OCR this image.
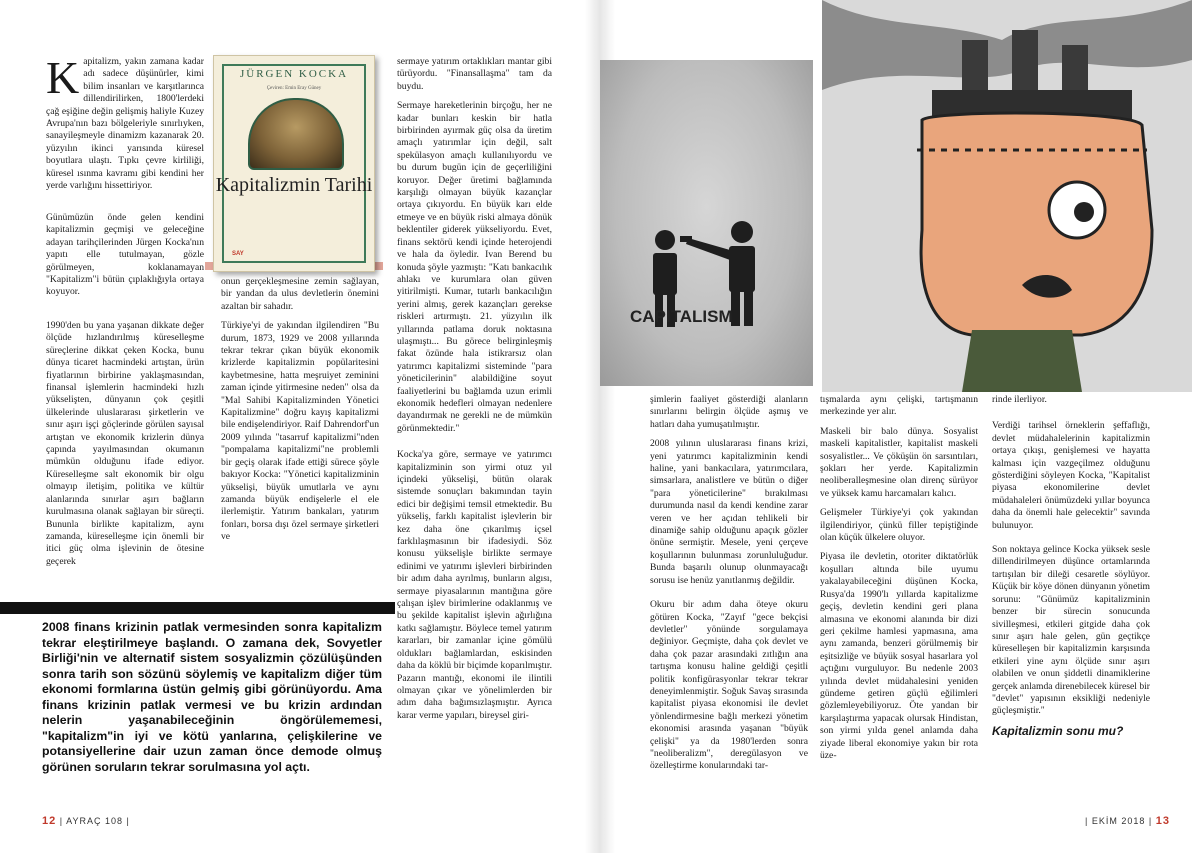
Kapitalizm, yakın zamana kadar adı sadece düşünürler, kimi bilim insanları ve karşıtlarınca dillendirilirken, 1800'lerdeki çağ eşiğine değin gelişmiş haliyle Kuzey Avrupa'nın bazı bölgeleriyle sınırlıyken, sanayileşmeyle dinamizm kazanarak 20. yüzyılın ikinci yarısında küresel boyutlara ulaştı. Tıpkı çevre kirliliği, küresel ısınma kavramı gibi kendini her yerde varlığını hissettiriyor.

Günümüzün önde gelen kendini kapitalizmin geçmişi ve geleceğine adayan tarihçilerinden Jürgen Kocka'nın yapıtı elle tutulmayan, gözle görülmeyen, koklanamayan "Kapitalizm"i bütün çıplaklığıyla ortaya koyuyor.

1990'den bu yana yaşanan dikkate değer ölçüde hızlandırılmış küreselleşme süreçlerine dikkat çeken Kocka, bunu dünya ticaret hacmindeki artıştan, ürün fiyatlarının birbirine yaklaşmasından, finansal işlemlerin hacmindeki hızlı yükselişten, dünyanın çok çeşitli ülkelerinde uluslararası şirketlerin ve sınır aşırı işçi göçlerinde görülen sayısal artıştan ve ekonomik krizlerin dünya çapında yayılmasından okumanın mümkün olduğunu ifade ediyor. Küreselleşme salt ekonomik bir olgu olmayıp iletişim, politika ve kültür alanlarında sınırlar aşırı bağların kurulmasına olanak sağlayan bir süreçti. Bununla birlikte kapitalizm, aynı zamanda, küreselleşme için önemli bir itici güç olma işlevinin de ötesine geçerek

JÜRGEN KOCKA
Çeviren: Emin Eray Güney
Kapitalizmin Tarihi
SAY

onun gerçekleşmesine zemin sağlayan, bir yandan da ulus devletlerin önemini azaltan bir sahadır.

Türkiye'yi de yakından ilgilendiren "Bu durum, 1873, 1929 ve 2008 yıllarında tekrar tekrar çıkan büyük ekonomik krizlerde kapitalizmin popülaritesini kaybetmesine, hatta meşruiyet zeminini zaman içinde yitirmesine neden" olsa da "Mal Sahibi Kapitalizminden Yönetici Kapitalizmine" doğru kayış kapitalizmi bile endişelendiriyor. Raif Dahrendorf'un 2009 yılında "tasarruf kapitalizmi"nden "pompalama kapitalizmi"ne problemli bir geçiş olarak ifade ettiği sürece şöyle bakıyor Kocka: "Yönetici kapitalizminin yükselişi, büyük umutlarla ve aynı zamanda büyük endişelerle el ele ilerlemiştir. Yatırım bankaları, yatırım fonları, borsa dışı özel sermaye şirketleri ve

sermaye yatırım ortaklıkları mantar gibi türüyordu. "Finansallaşma" tam da buydu.

Sermaye hareketlerinin birçoğu, her ne kadar bunları keskin bir hatla birbirinden ayırmak güç olsa da üretim amaçlı yatırımlar için değil, salt spekülasyon amaçlı kullanılıyordu ve bu durum bugün için de geçerliliğini koruyor. Değer üretimi bağlamında karşılığı olmayan büyük kazançlar ortaya çıkıyordu. En büyük karı elde etmeye ve en büyük riski almaya dönük beklentiler giderek yükseliyordu. Evet, finans sektörü kendi içinde heterojendi ve hala da öyledir. Ivan Berend bu konuda şöyle yazmıştı: "Katı bankacılık ahlakı ve kurumlara olan güven yitirilmişti. Kumar, tutarlı bankacılığın yerini almış, gerek kazançları gerekse riskleri artırmıştı. 21. yüzyılın ilk yıllarında patlama doruk noktasına ulaşmıştı... Bu görece belirginleşmiş fakat özünde hala istikrarsız olan yatırımcı kapitalizmi sisteminde "para yöneticilerinin" alabildiğine soyut faaliyetlerini bu bağlamda uzun erimli ekonomik hedefleri olmayan nedenlere dayandırmak ne gerekli ne de mümkün görünmektedir."

Kocka'ya göre, sermaye ve yatırımcı kapitalizminin son yirmi otuz yıl içindeki yükselişi, bütün olarak sistemde sonuçları bakımından tayin edici bir değişimi temsil etmektedir. Bu yükseliş, farklı kapitalist işlevlerin bir kez daha öne çıkarılmış içsel farklılaşmasının bir ifadesiydi. Söz konusu yükselişle birlikte sermaye edinimi ve yatırımı işlevleri birbirinden bir adım daha ayrılmış, bunların algısı, sermaye piyasalarının mantığına göre çalışan işlev birimlerine odaklanmış ve bu şekilde kapitalist işlevin ağırlığına katkı sağlamıştır. Böylece temel yatırım kararları, bir zamanlar içine gömülü oldukları bağlamlardan, eskisinden daha da köklü bir biçimde koparılmıştır. Pazarın mantığı, ekonomi ile ilintili olmayan çıkar ve yönelimlerden bir adım daha bağımsızlaşmıştır. Ayrıca karar verme yapıları, bireysel giri-

2008 finans krizinin patlak vermesinden sonra kapitalizm tekrar eleştirilmeye başlandı. O zamana dek, Sovyetler Birliği'nin ve alternatif sistem sosyalizmin çözülüşünden sonra tarih son sözünü söylemiş ve kapitalizm diğer tüm ekonomi formlarına üstün gelmiş gibi görünüyordu. Ama finans krizinin patlak vermesi ve bu krizin ardından nelerin yaşanabileceğinin öngörülememesi, "kapitalizm"in iyi ve kötü yanlarına, çelişkilerine ve potansiyellerine dair uzun zaman önce demode olmuş görünen soruların tekrar sorulmasına yol açtı.
12 | AYRAÇ 108 |
CAPITALISM

şimlerin faaliyet gösterdiği alanların sınırlarını belirgin ölçüde aşmış ve hatları daha yumuşatılmıştır.

2008 yılının uluslararası finans krizi, yeni yatırımcı kapitalizminin kendi haline, yani bankacılara, yatırımcılara, simsarlara, analistlere ve bütün o diğer "para yöneticilerine" bırakılması durumunda nasıl da kendi kendine zarar veren ve her açıdan tehlikeli bir dinamiğe sahip olduğunu apaçık gözler önüne sermiştir. Mesele, yeni çerçeve koşullarının bulunması zorunluluğudur. Bunda başarılı olunup olunmayacağı sorusu ise henüz yanıtlanmış değildir.

Okuru bir adım daha öteye okuru götüren Kocka, "Zayıf "gece bekçisi devletler" yönünde sorgulamaya değiniyor. Geçmişte, daha çok devlet ve daha çok pazar arasındaki zıtlığın ana tartışma konusu haline geldiği çeşitli politik konfigürasyonlar tekrar tekrar deneyimlenmiştir. Soğuk Savaş sırasında kapitalist piyasa ekonomisi ile devlet yönlendirmesine bağlı merkezi yönetim ekonomisi arasında yaşanan "büyük çelişki" ya da 1980'lerden sonra "neoliberalizm", deregülasyon ve özelleştirme konularındaki tar-

tışmalarda aynı çelişki, tartışmanın merkezinde yer alır.

Maskeli bir balo dünya. Sosyalist maskeli kapitalistler, kapitalist maskeli sosyalistler... Ve çöküşün ön sarsıntıları, şokları her yerde. Kapitalizmin neoliberalleşmesine olan direnç sürüyor ve yüksek kamu harcamaları kalıcı.

Gelişmeler Türkiye'yi çok yakından ilgilendiriyor, çünkü filler tepiştiğinde olan küçük ülkelere oluyor.

Piyasa ile devletin, otoriter diktatörlük koşulları altında bile uyumu yakalayabileceğini düşünen Kocka, Rusya'da 1990'lı yıllarda kapitalizme geçiş, devletin kendini geri plana almasına ve ekonomi alanında bir dizi geri çekilme hamlesi yapmasına, ama aynı zamanda, benzeri görülmemiş bir eşitsizliğe ve büyük sosyal hasarlara yol açtığını vurguluyor. Bu nedenle 2003 yılında devlet müdahalesini yeniden gündeme getiren güçlü eğilimleri gözlemleyebiliyoruz. Öte yandan bir karşılaştırma yapacak olursak Hindistan, son yirmi yılda genel anlamda daha ziyade liberal ekonomiye yakın bir rota üze-

rinde ilerliyor.

Verdiği tarihsel örneklerin şeffaflığı, devlet müdahalelerinin kapitalizmin ortaya çıkışı, genişlemesi ve hayatta kalması için vazgeçilmez olduğunu gösterdiğini söyleyen Kocka, "Kapitalist piyasa ekonomilerine devlet müdahaleleri önümüzdeki yıllar boyunca daha da önemli hale gelecektir" savında bulunuyor.

Son noktaya gelince Kocka yüksek sesle dillendirilmeyen düşünce ortamlarında tartışılan bir dileği cesaretle söylüyor. Küçük bir köye dönen dünyanın yönetim sorunu: "Günümüz kapitalizminin benzer bir sürecin sonucunda sivilleşmesi, etkileri gitgide daha çok sınır aşırı hale gelen, gün geçtikçe küreselleşen bir kapitalizmin karşısında etkileri yine aynı ölçüde sınır aşırı olabilen ve onun şiddetli dinamiklerine gerçek anlamda direnebilecek küresel bir "devlet" yapısının eksikliği nedeniyle güçleşmiştir."

Kapitalizmin sonu mu?
| EKİM 2018 | 13
